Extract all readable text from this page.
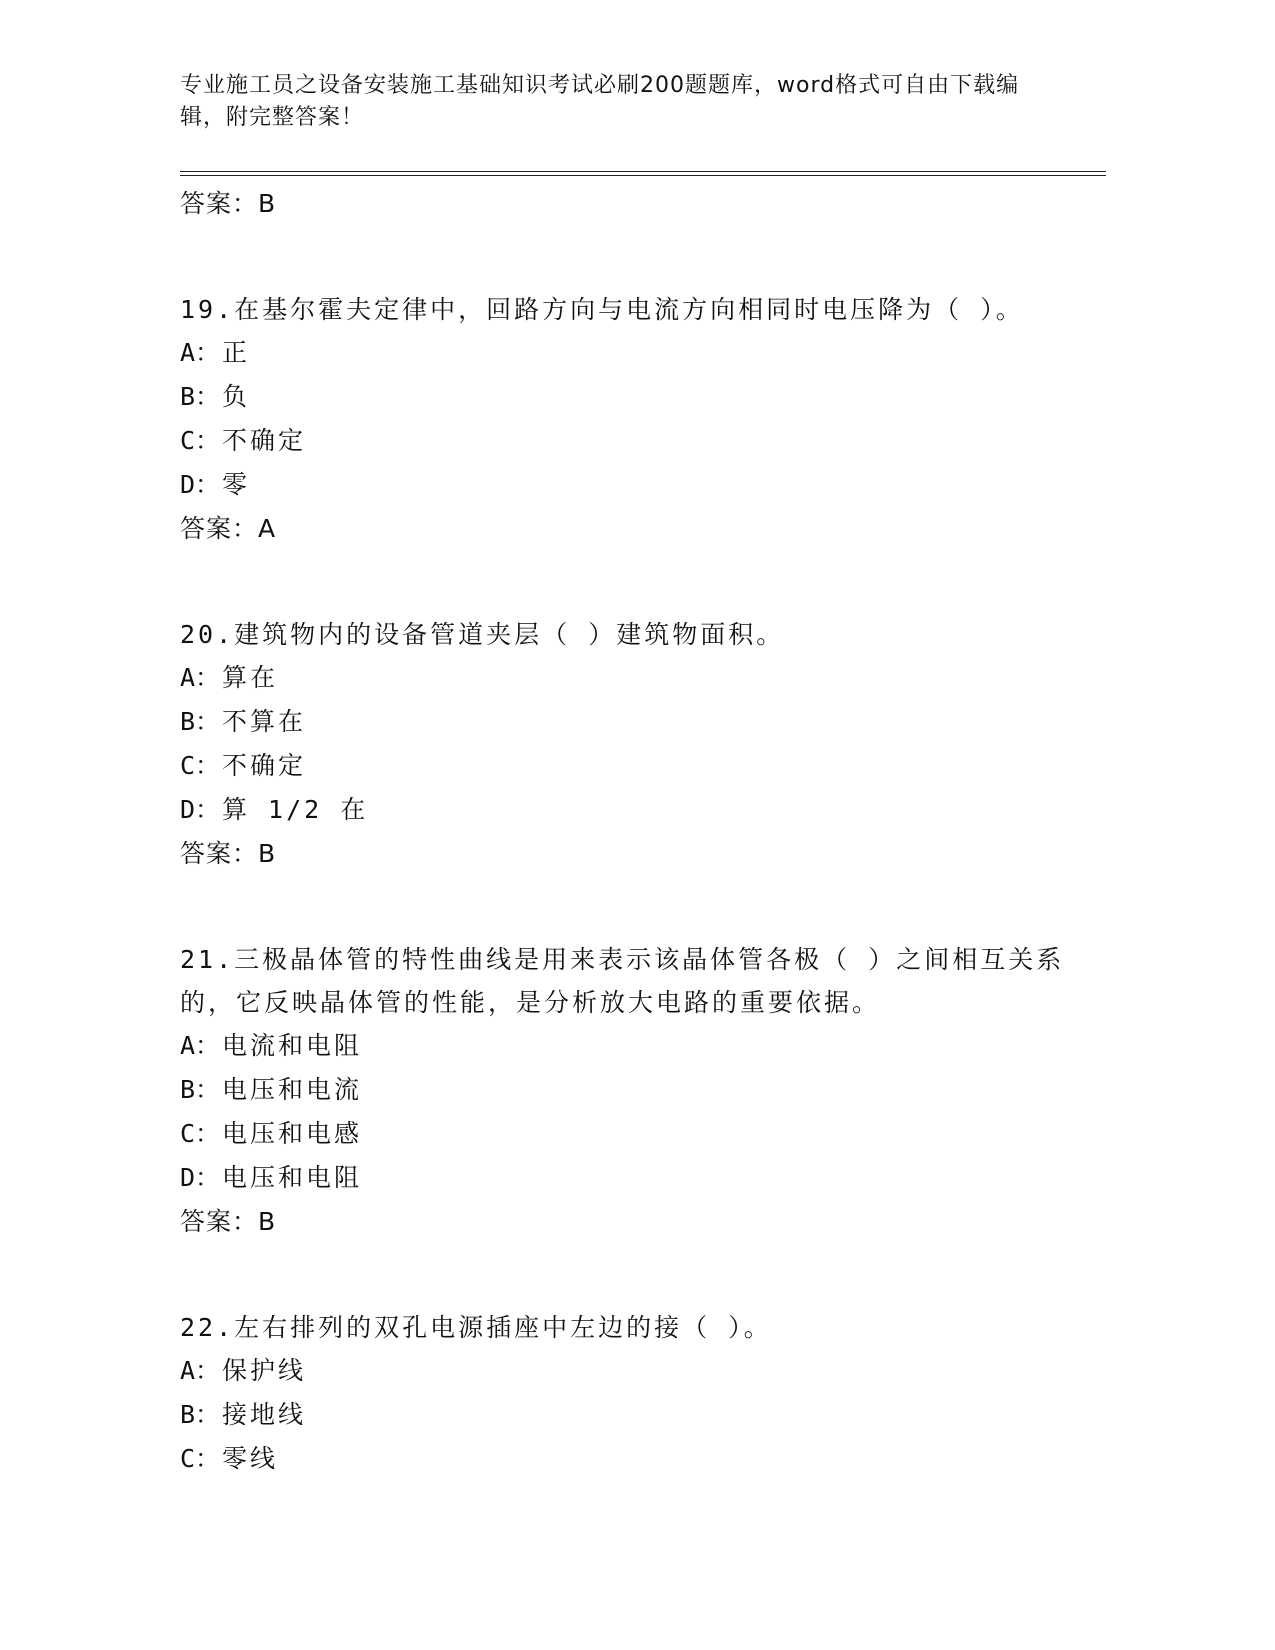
专业施工员之设备安装施工基础知识考试必刷200题题库，word格式可自由下载编辑，附完整答案！
答案：B
19.在基尔霍夫定律中，回路方向与电流方向相同时电压降为（ ）。
A：正
B：负
C：不确定
D：零
答案：A
20.建筑物内的设备管道夹层（ ）建筑物面积。
A：算在
B：不算在
C：不确定
D：算 1/2 在
答案：B
21.三极晶体管的特性曲线是用来表示该晶体管各极（ ）之间相互关系的，它反映晶体管的性能，是分析放大电路的重要依据。
A：电流和电阻
B：电压和电流
C：电压和电感
D：电压和电阻
答案：B
22.左右排列的双孔电源插座中左边的接（ ）。
A：保护线
B：接地线
C：零线
